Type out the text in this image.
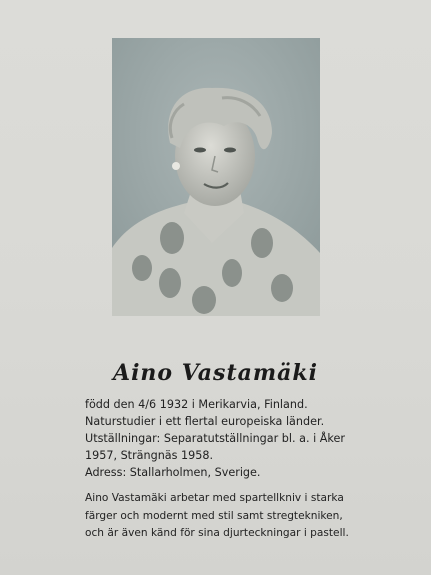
Aino Vastamäki
född den 4/6 1932 i Merikarvia, Finland.
Naturstudier i ett flertal europeiska länder.
Utställningar: Separatutställningar bl. a. i Åker
1957, Strängnäs 1958.
Adress: Stallarholmen, Sverige.
Aino Vastamäki arbetar med spartellkniv i starka
färger och modernt med stil samt stregtekniken,
och är även känd för sina djurteckningar i pastell.
